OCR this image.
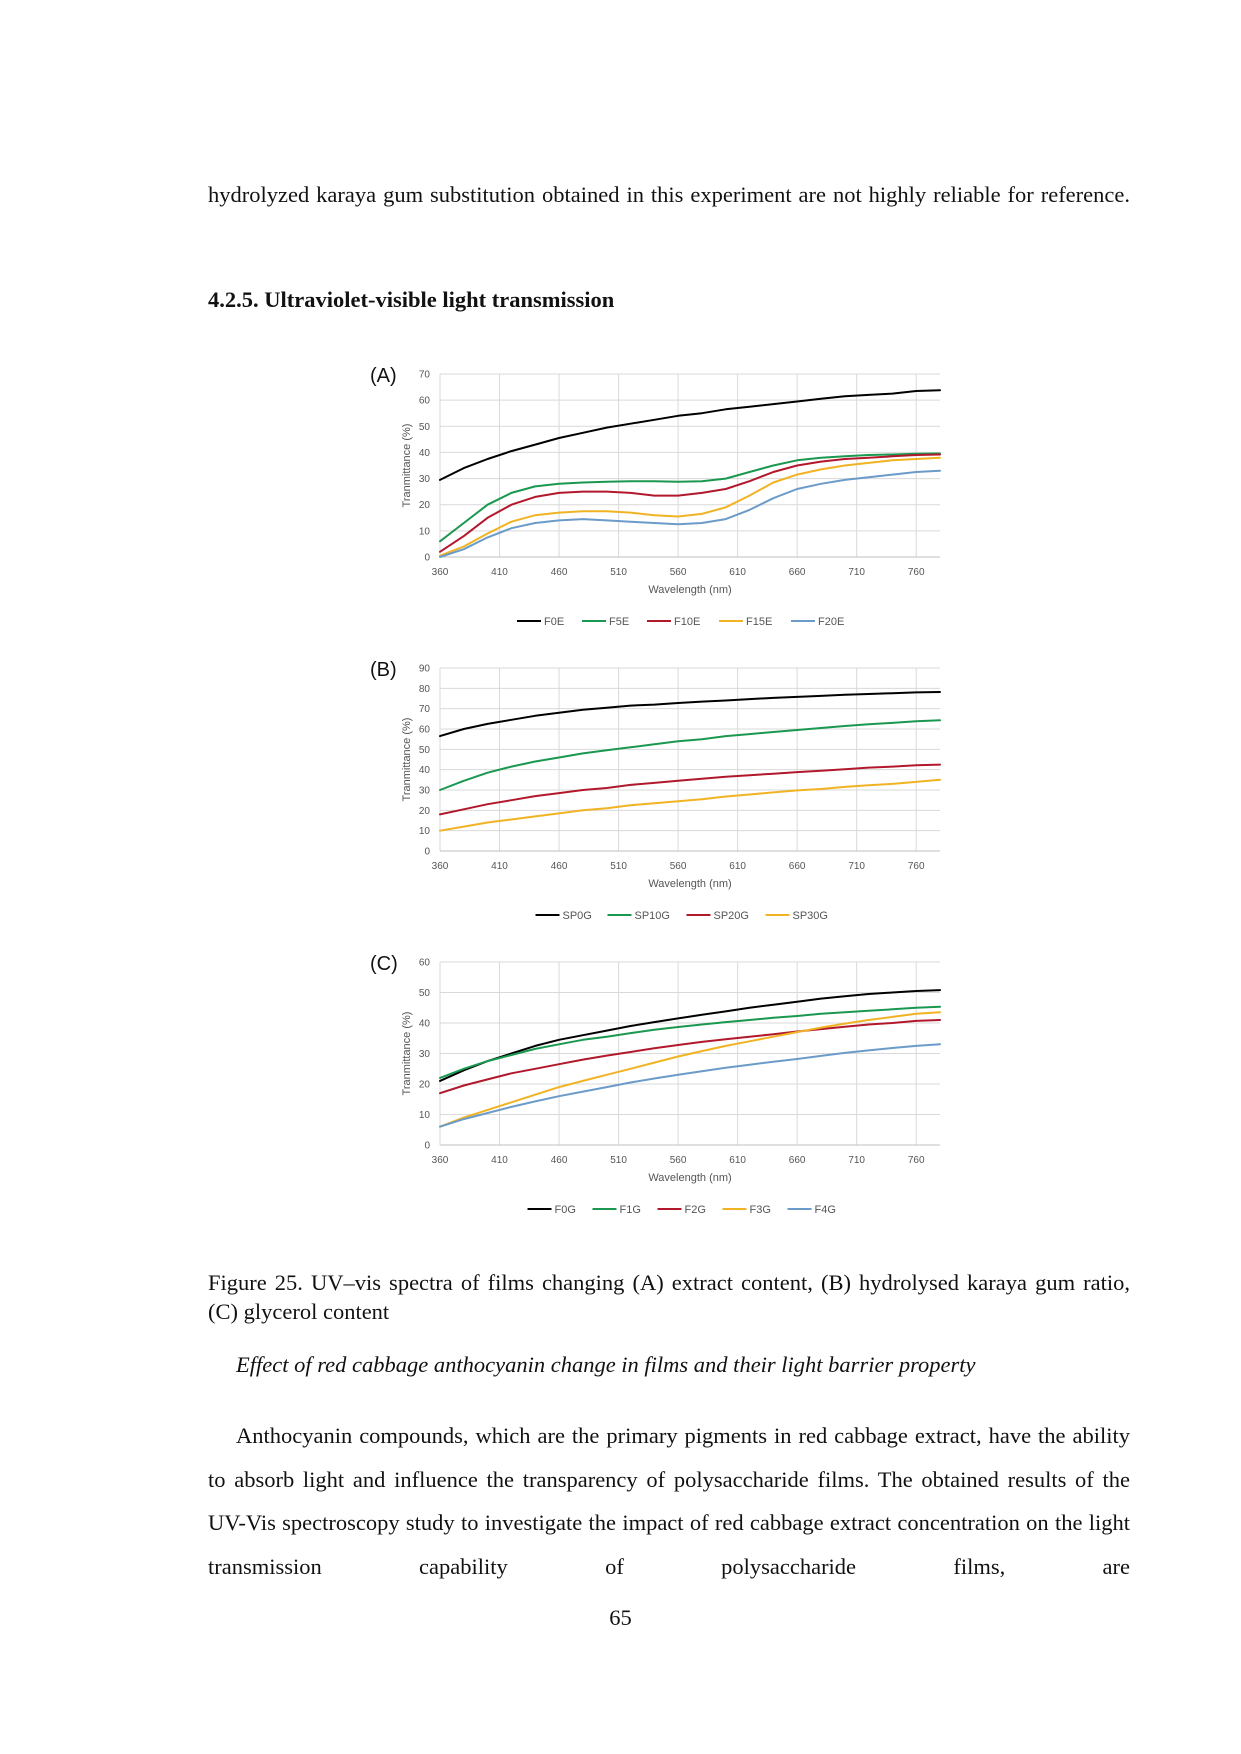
hydrolyzed karaya gum substitution obtained in this experiment are not highly reliable for reference.
4.2.5. Ultraviolet-visible light transmission
(A)
0
10
20
30
40
50
60
70
360	410	460	510	560	610	660	710	760
Wavelength (nm)
Tranmittance (%)
F0E	F5E	F10E	F15E	F20E
(B)
0
10
20
30
40
50
60
70
80
90
360	410	460	510	560	610	660	710	760
Wavelength (nm)
Tranmittance (%)
SP0G	SP10G	SP20G	SP30G
(C)
0
10
20
30
40
50
60
360	410	460	510	560	610	660	710	760
Wavelength (nm)
Tranmittance (%)
F0G	F1G	F2G	F3G	F4G
Figure 25. UV–vis spectra of films changing (A) extract content, (B) hydrolysed karaya gum ratio, (C) glycerol content
Effect of red cabbage anthocyanin change in films and their light barrier property
Anthocyanin compounds, which are the primary pigments in red cabbage extract, have the ability to absorb light and influence the transparency of polysaccharide films. The obtained results of the UV-Vis spectroscopy study to investigate the impact of red cabbage extract concentration on the light transmission capability of polysaccharide films, are
65
